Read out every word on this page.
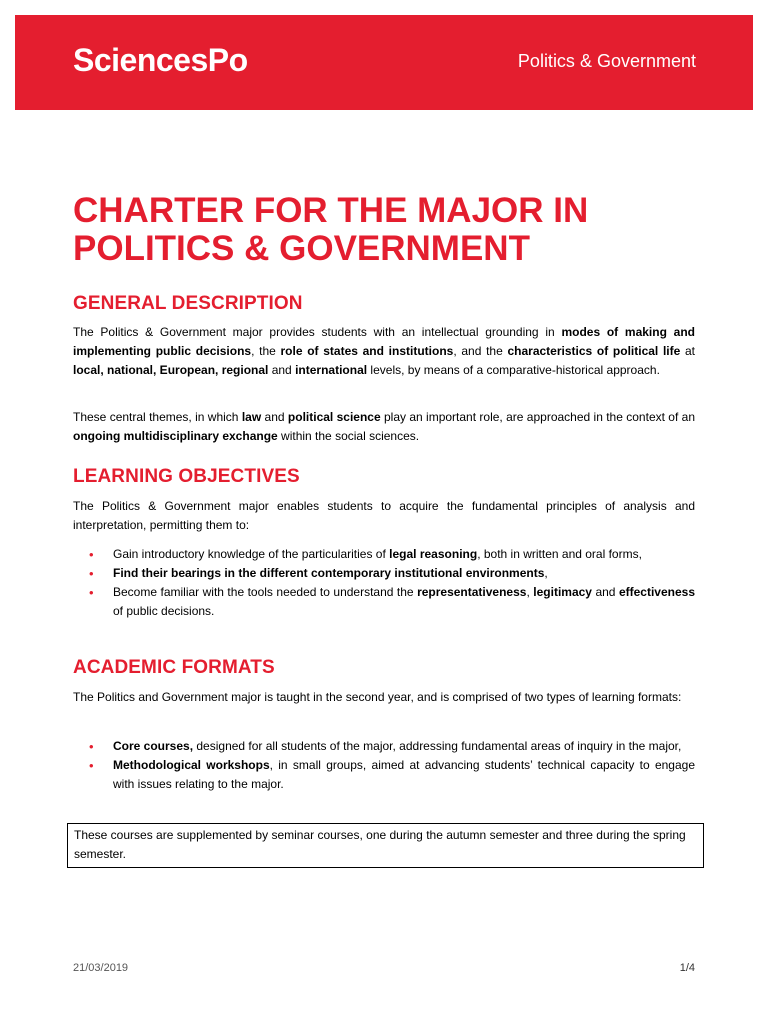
SciencesPo	Politics & Government
CHARTER FOR THE MAJOR IN
POLITICS & GOVERNMENT
GENERAL DESCRIPTION

The Politics & Government major provides students with an intellectual grounding in modes of making and implementing public decisions, the role of states and institutions, and the characteristics of political life at local, national, European, regional and international levels, by means of a comparative-historical approach.

These central themes, in which law and political science play an important role, are approached in the context of an ongoing multidisciplinary exchange within the social sciences.

LEARNING OBJECTIVES

The Politics & Government major enables students to acquire the fundamental principles of analysis and interpretation, permitting them to:

• Gain introductory knowledge of the particularities of legal reasoning, both in written and oral forms,
• Find their bearings in the different contemporary institutional environments,
• Become familiar with the tools needed to understand the representativeness, legitimacy and effectiveness of public decisions.
ACADEMIC FORMATS

The Politics and Government major is taught in the second year, and is comprised of two types of learning formats:

• Core courses, designed for all students of the major, addressing fundamental areas of inquiry in the major,
• Methodological workshops, in small groups, aimed at advancing students’ technical capacity to engage with issues relating to the major.
These courses are supplemented by seminar courses, one during the autumn semester and three during the spring semester.
21/03/2019	1/4
